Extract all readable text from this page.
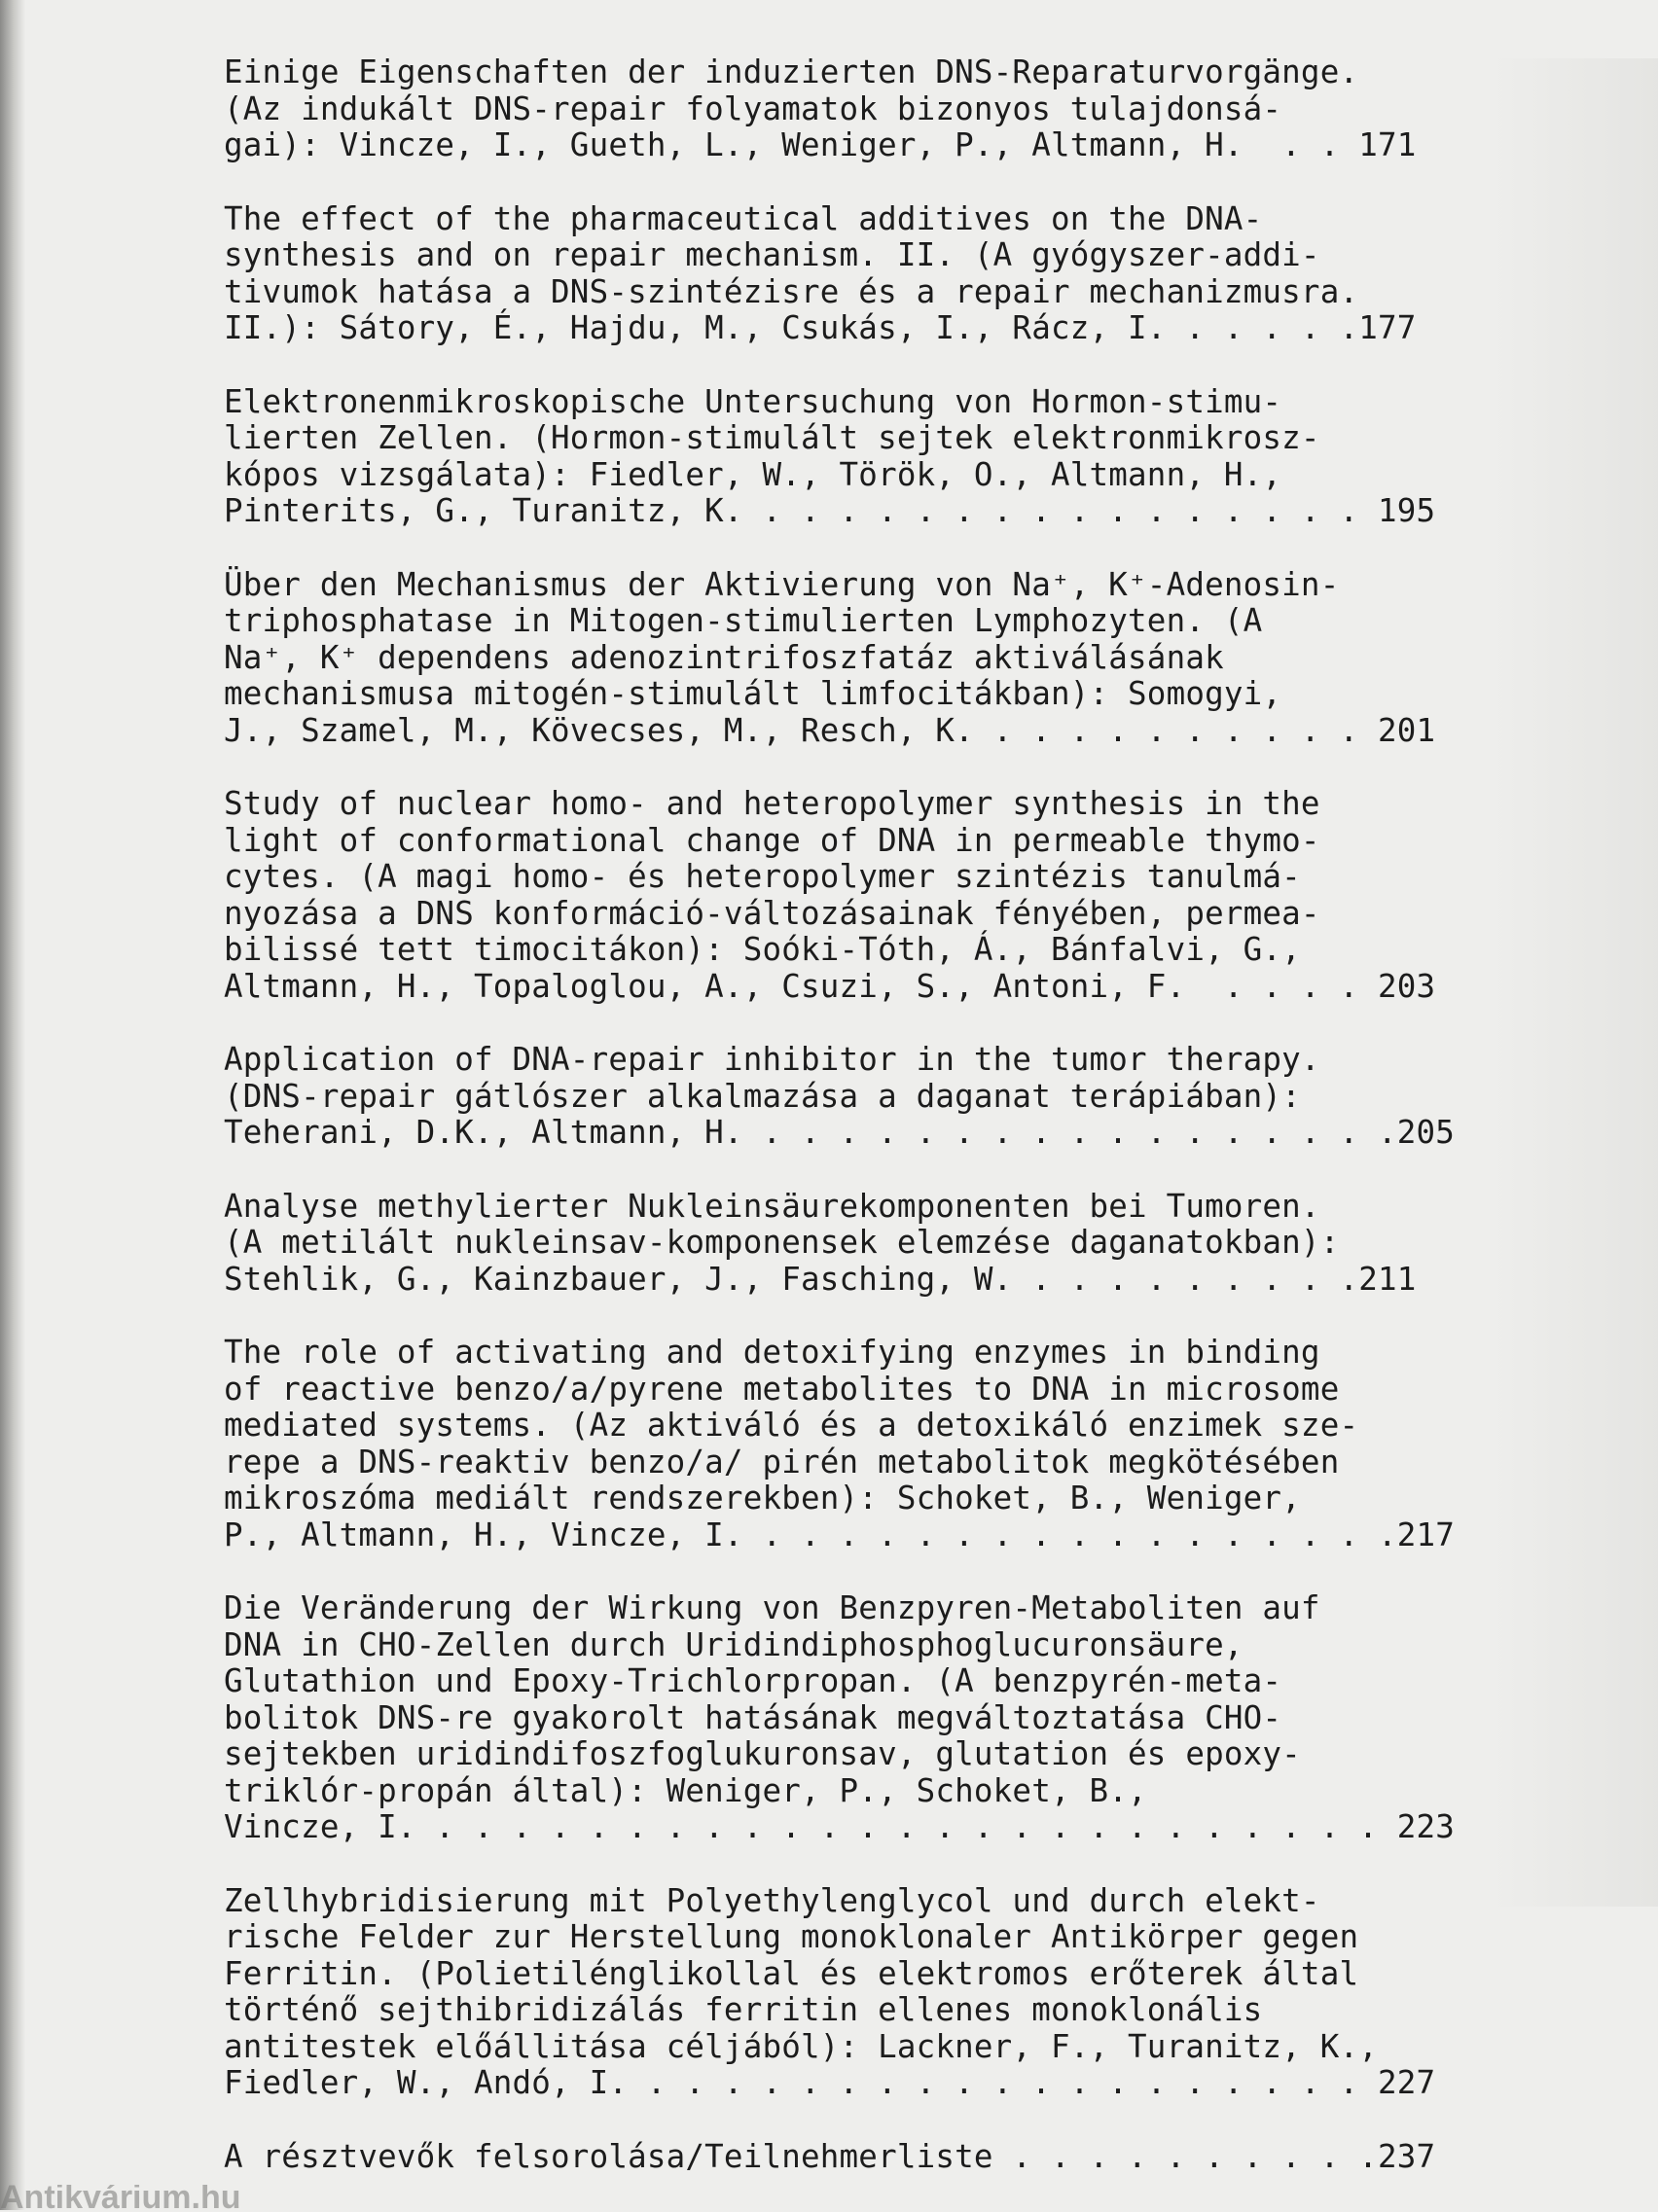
Einige Eigenschaften der induzierten DNS-Reparaturvorgänge.
(Az indukált DNS-repair folyamatok bizonyos tulajdonsá-
gai): Vincze, I., Gueth, L., Weniger, P., Altmann, H.  . . 171
The effect of the pharmaceutical additives on the DNA-
synthesis and on repair mechanism. II. (A gyógyszer-addi-
tivumok hatása a DNS-szintézisre és a repair mechanizmusra.
II.): Sátory, É., Hajdu, M., Csukás, I., Rácz, I. . . . . . 177
Elektronenmikroskopische Untersuchung von Hormon-stimu-
lierten Zellen. (Hormon-stimulált sejtek elektronmikrosz-
kópos vizsgálata): Fiedler, W., Török, O., Altmann, H.,
Pinterits, G., Turanitz, K. . . . . . . . . . . . . . . . . 195
Über den Mechanismus der Aktivierung von Na⁺, K⁺-Adenosin-
triphosphatase in Mitogen-stimulierten Lymphozyten. (A
Na⁺, K⁺ dependens adenozintrifoszfatáz aktiválásának
mechanismusa mitogén-stimulált limfocitákban): Somogyi,
J., Szamel, M., Kövecses, M., Resch, K. . . . . . . . . . . 201
Study of nuclear homo- and heteropolymer synthesis in the
light of conformational change of DNA in permeable thymo-
cytes. (A magi homo- és heteropolymer szintézis tanulmá-
nyozása a DNS konformáció-változásainak fényében, permea-
bilissé tett timocitákon): Soóki-Tóth, Á., Bánfalvi, G.,
Altmann, H., Topaloglou, A., Csuzi, S., Antoni, F.  . . . . 203
Application of DNA-repair inhibitor in the tumor therapy.
(DNS-repair gátlószer alkalmazása a daganat terápiában):
Teherani, D.K., Altmann, H. . . . . . . . . . . . . . . . . . 205
Analyse methylierter Nukleinsäurekomponenten bei Tumoren.
(A metilált nukleinsav-komponensek elemzése daganatokban):
Stehlik, G., Kainzbauer, J., Fasching, W. . . . . . . . . . 211
The role of activating and detoxifying enzymes in binding
of reactive benzo/a/pyrene metabolites to DNA in microsome
mediated systems. (Az aktiváló és a detoxikáló enzimek sze-
repe a DNS-reaktiv benzo/a/ pirén metabolitok megkötésében
mikroszóma mediált rendszerekben): Schoket, B., Weniger,
P., Altmann, H., Vincze, I. . . . . . . . . . . . . . . . . . 217
Die Veränderung der Wirkung von Benzpyren-Metaboliten auf
DNA in CHO-Zellen durch Uridindiphosphoglucuronsäure,
Glutathion und Epoxy-Trichlorpropan. (A benzpyrén-meta-
bolitok DNS-re gyakorolt hatásának megváltoztatása CHO-
sejtekben uridindifoszfoglukuronsav, glutation és epoxy-
triklór-propán által): Weniger, P., Schoket, B.,
Vincze, I. . . . . . . . . . . . . . . . . . . . . . . . . . 223
Zellhybridisierung mit Polyethylenglycol und durch elekt-
rische Felder zur Herstellung monoklonaler Antikörper gegen
Ferritin. (Polietilénglikollal és elektromos erőterek által
történő sejthibridizálás ferritin ellenes monoklonális
antitestek előállitása céljából): Lackner, F., Turanitz, K.,
Fiedler, W., Andó, I. . . . . . . . . . . . . . . . . . . . 227
A résztvevők felsorolása/Teilnehmerliste . . . . . . . . . . 237
Antikvárium.hu
